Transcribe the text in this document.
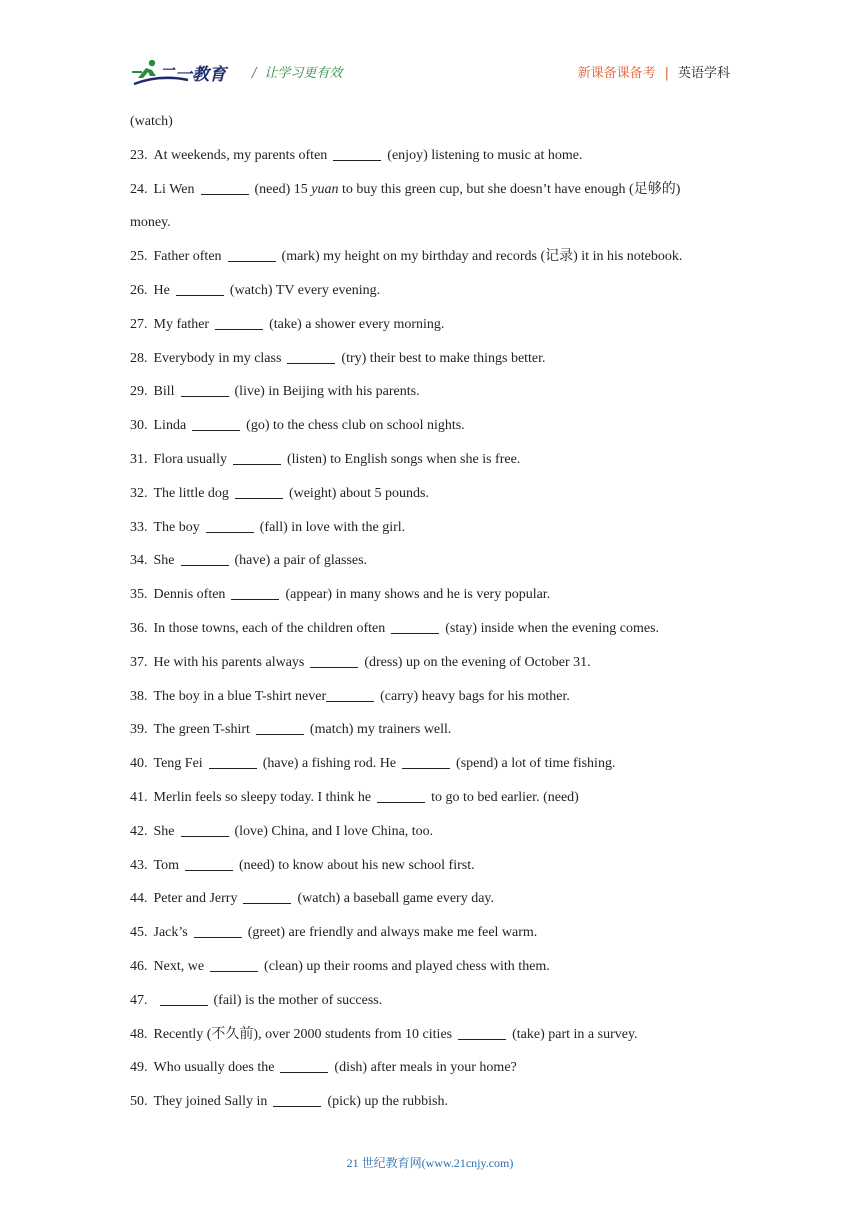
二一教育 / 让学习更有效	新课备课备考 | 英语学科
(watch)
23. At weekends, my parents often	(enjoy) listening to music at home.
24. Li Wen	(need) 15 yuan to buy this green cup, but she doesn’t have enough (足够的)
money.
25. Father often	(mark) my height on my birthday and records (记录) it in his notebook.
26. He	(watch) TV every evening.
27. My father	(take) a shower every morning.
28. Everybody in my class	(try) their best to make things better.
29. Bill	(live) in Beijing with his parents.
30. Linda	(go) to the chess club on school nights.
31. Flora usually	(listen) to English songs when she is free.
32. The little dog	(weight) about 5 pounds.
33. The boy	(fall) in love with the girl.
34. She	(have) a pair of glasses.
35. Dennis often	(appear) in many shows and he is very popular.
36. In those towns, each of the children often	(stay) inside when the evening comes.
37. He with his parents always	(dress) up on the evening of October 31.
38. The boy in a blue T-shirt never	(carry) heavy bags for his mother.
39. The green T-shirt	(match) my trainers well.
40. Teng Fei	(have) a fishing rod. He	(spend) a lot of time fishing.
41. Merlin feels so sleepy today. I think he	to go to bed earlier. (need)
42. She	(love) China, and I love China, too.
43. Tom	(need) to know about his new school first.
44. Peter and Jerry	(watch) a baseball game every day.
45. Jack’s	(greet) are friendly and always make me feel warm.
46. Next, we	(clean) up their rooms and played chess with them.
47.	(fail) is the mother of success.
48. Recently (不久前), over 2000 students from 10 cities	(take) part in a survey.
49. Who usually does the	(dish) after meals in your home?
50. They joined Sally in	(pick) up the rubbish.
21 世纪教育网(www.21cnjy.com)
